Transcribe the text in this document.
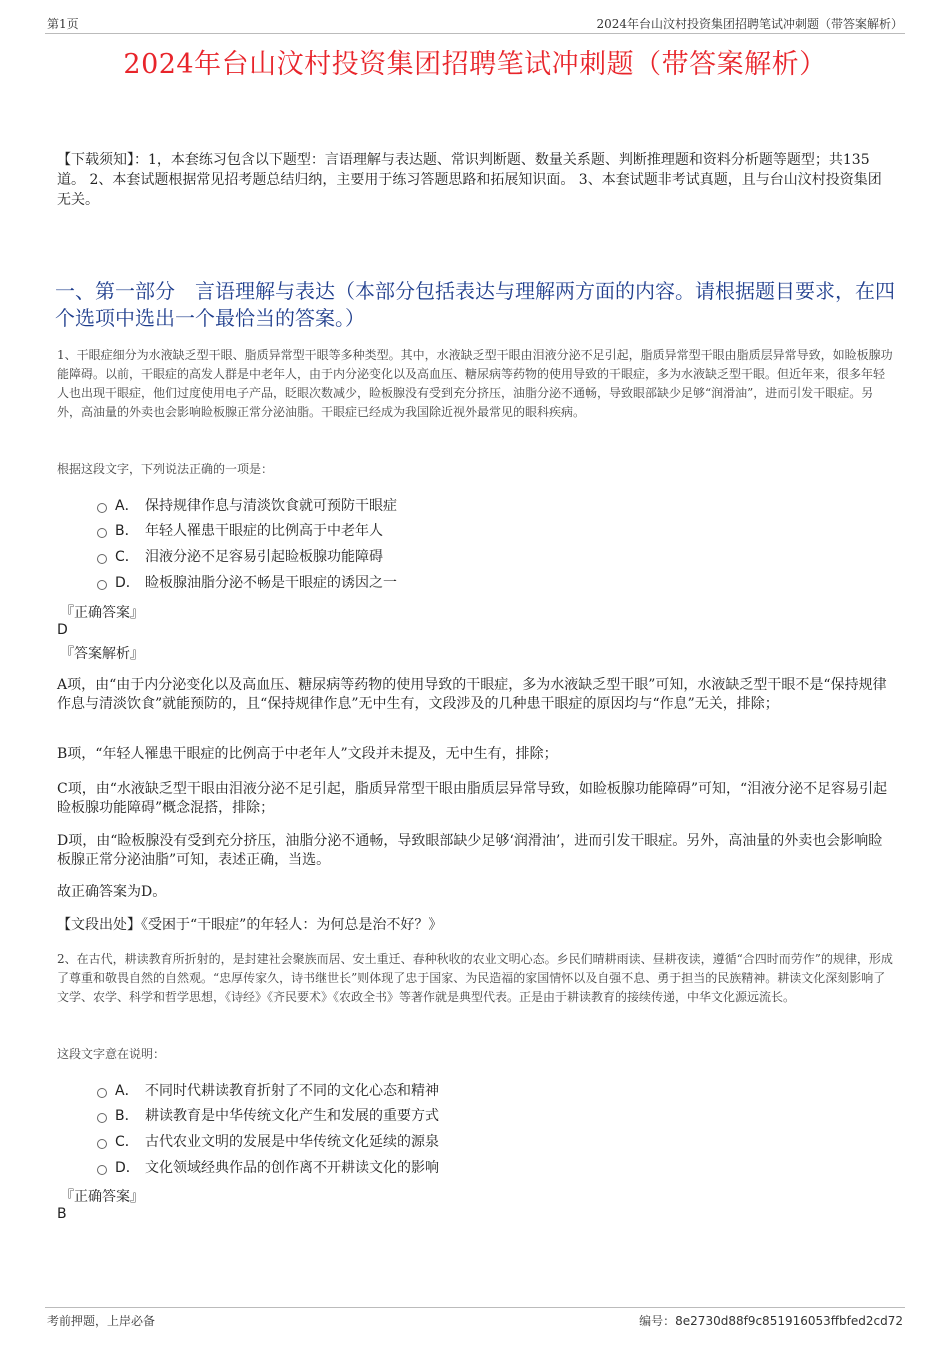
第1页	2024年台山汶村投资集团招聘笔试冲刺题（带答案解析）
2024年台山汶村投资集团招聘笔试冲刺题（带答案解析）
【下载须知】：1，本套练习包含以下题型：言语理解与表达题、常识判断题、数量关系题、判断推理题和资料分析题等题型；共135道。 2、本套试题根据常见招考题总结归纳，主要用于练习答题思路和拓展知识面。 3、本套试题非考试真题，且与台山汶村投资集团无关。
一、第一部分　言语理解与表达（本部分包括表达与理解两方面的内容。请根据题目要求，在四个选项中选出一个最恰当的答案。）
1、干眼症细分为水液缺乏型干眼、脂质异常型干眼等多种类型。其中，水液缺乏型干眼由泪液分泌不足引起，脂质异常型干眼由脂质层异常导致，如睑板腺功能障碍。以前，干眼症的高发人群是中老年人，由于内分泌变化以及高血压、糖尿病等药物的使用导致的干眼症，多为水液缺乏型干眼。但近年来，很多年轻人也出现干眼症，他们过度使用电子产品，眨眼次数减少，睑板腺没有受到充分挤压，油脂分泌不通畅，导致眼部缺少足够“润滑油”，进而引发干眼症。另外，高油量的外卖也会影响睑板腺正常分泌油脂。干眼症已经成为我国除近视外最常见的眼科疾病。
根据这段文字，下列说法正确的一项是：
A． 保持规律作息与清淡饮食就可预防干眼症
B． 年轻人罹患干眼症的比例高于中老年人
C． 泪液分泌不足容易引起睑板腺功能障碍
D． 睑板腺油脂分泌不畅是干眼症的诱因之一
『正确答案』
D
『答案解析』
A项，由“由于内分泌变化以及高血压、糖尿病等药物的使用导致的干眼症，多为水液缺乏型干眼”可知，水液缺乏型干眼不是“保持规律作息与清淡饮食”就能预防的，且“保持规律作息”无中生有，文段涉及的几种患干眼症的原因均与“作息”无关，排除；
B项，“年轻人罹患干眼症的比例高于中老年人”文段并未提及，无中生有，排除；
C项，由“水液缺乏型干眼由泪液分泌不足引起，脂质异常型干眼由脂质层异常导致，如睑板腺功能障碍”可知，“泪液分泌不足容易引起睑板腺功能障碍”概念混搭，排除；
D项，由“睑板腺没有受到充分挤压，油脂分泌不通畅，导致眼部缺少足够‘润滑油’，进而引发干眼症。另外，高油量的外卖也会影响睑板腺正常分泌油脂”可知，表述正确，当选。
故正确答案为D。
【文段出处】《受困于“干眼症”的年轻人：为何总是治不好？》
2、在古代，耕读教育所折射的，是封建社会聚族而居、安土重迁、春种秋收的农业文明心态。乡民们晴耕雨读、昼耕夜读，遵循“合四时而劳作”的规律，形成了尊重和敬畏自然的自然观。“忠厚传家久，诗书继世长”则体现了忠于国家、为民造福的家国情怀以及自强不息、勇于担当的民族精神。耕读文化深刻影响了文学、农学、科学和哲学思想，《诗经》《齐民要术》《农政全书》等著作就是典型代表。正是由于耕读教育的接续传递，中华文化源远流长。
这段文字意在说明：
A． 不同时代耕读教育折射了不同的文化心态和精神
B． 耕读教育是中华传统文化产生和发展的重要方式
C． 古代农业文明的发展是中华传统文化延续的源泉
D． 文化领域经典作品的创作离不开耕读文化的影响
『正确答案』
B
考前押题，上岸必备	编号：8e2730d88f9c851916053ffbfed2cd72
